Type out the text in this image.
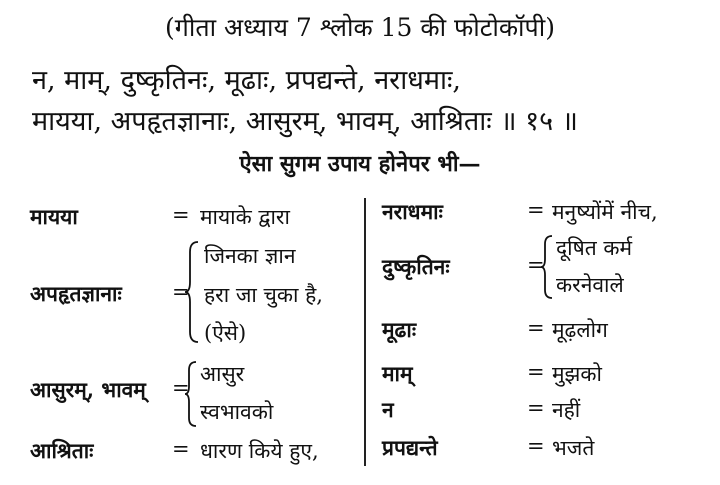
(गीता अध्याय 7 श्लोक 15 की फोटोकॉपी)
न, माम्, दुष्कृतिनः, मूढाः, प्रपद्यन्ते, नराधमाः,
मायया, अपहृतज्ञानाः, आसुरम्, भावम्, आश्रिताः ॥ १५ ॥
ऐसा सुगम उपाय होनेपर भी—
मायया	= मायाके द्वारा
अपहृतज्ञानाः =
जिनका ज्ञान
हरा जा चुका है,
(ऐसे)
आसुरम्, भावम् =
आसुर
स्वभावको
आश्रिताः	= धारण किये हुए,
नराधमाः	= मनुष्योंमें नीच,
दुष्कृतिनः	=
दूषित कर्म
करनेवाले
मूढाः	= मूढ़लोग
माम्	= मुझको
न	= नहीं
प्रपद्यन्ते	= भजते
